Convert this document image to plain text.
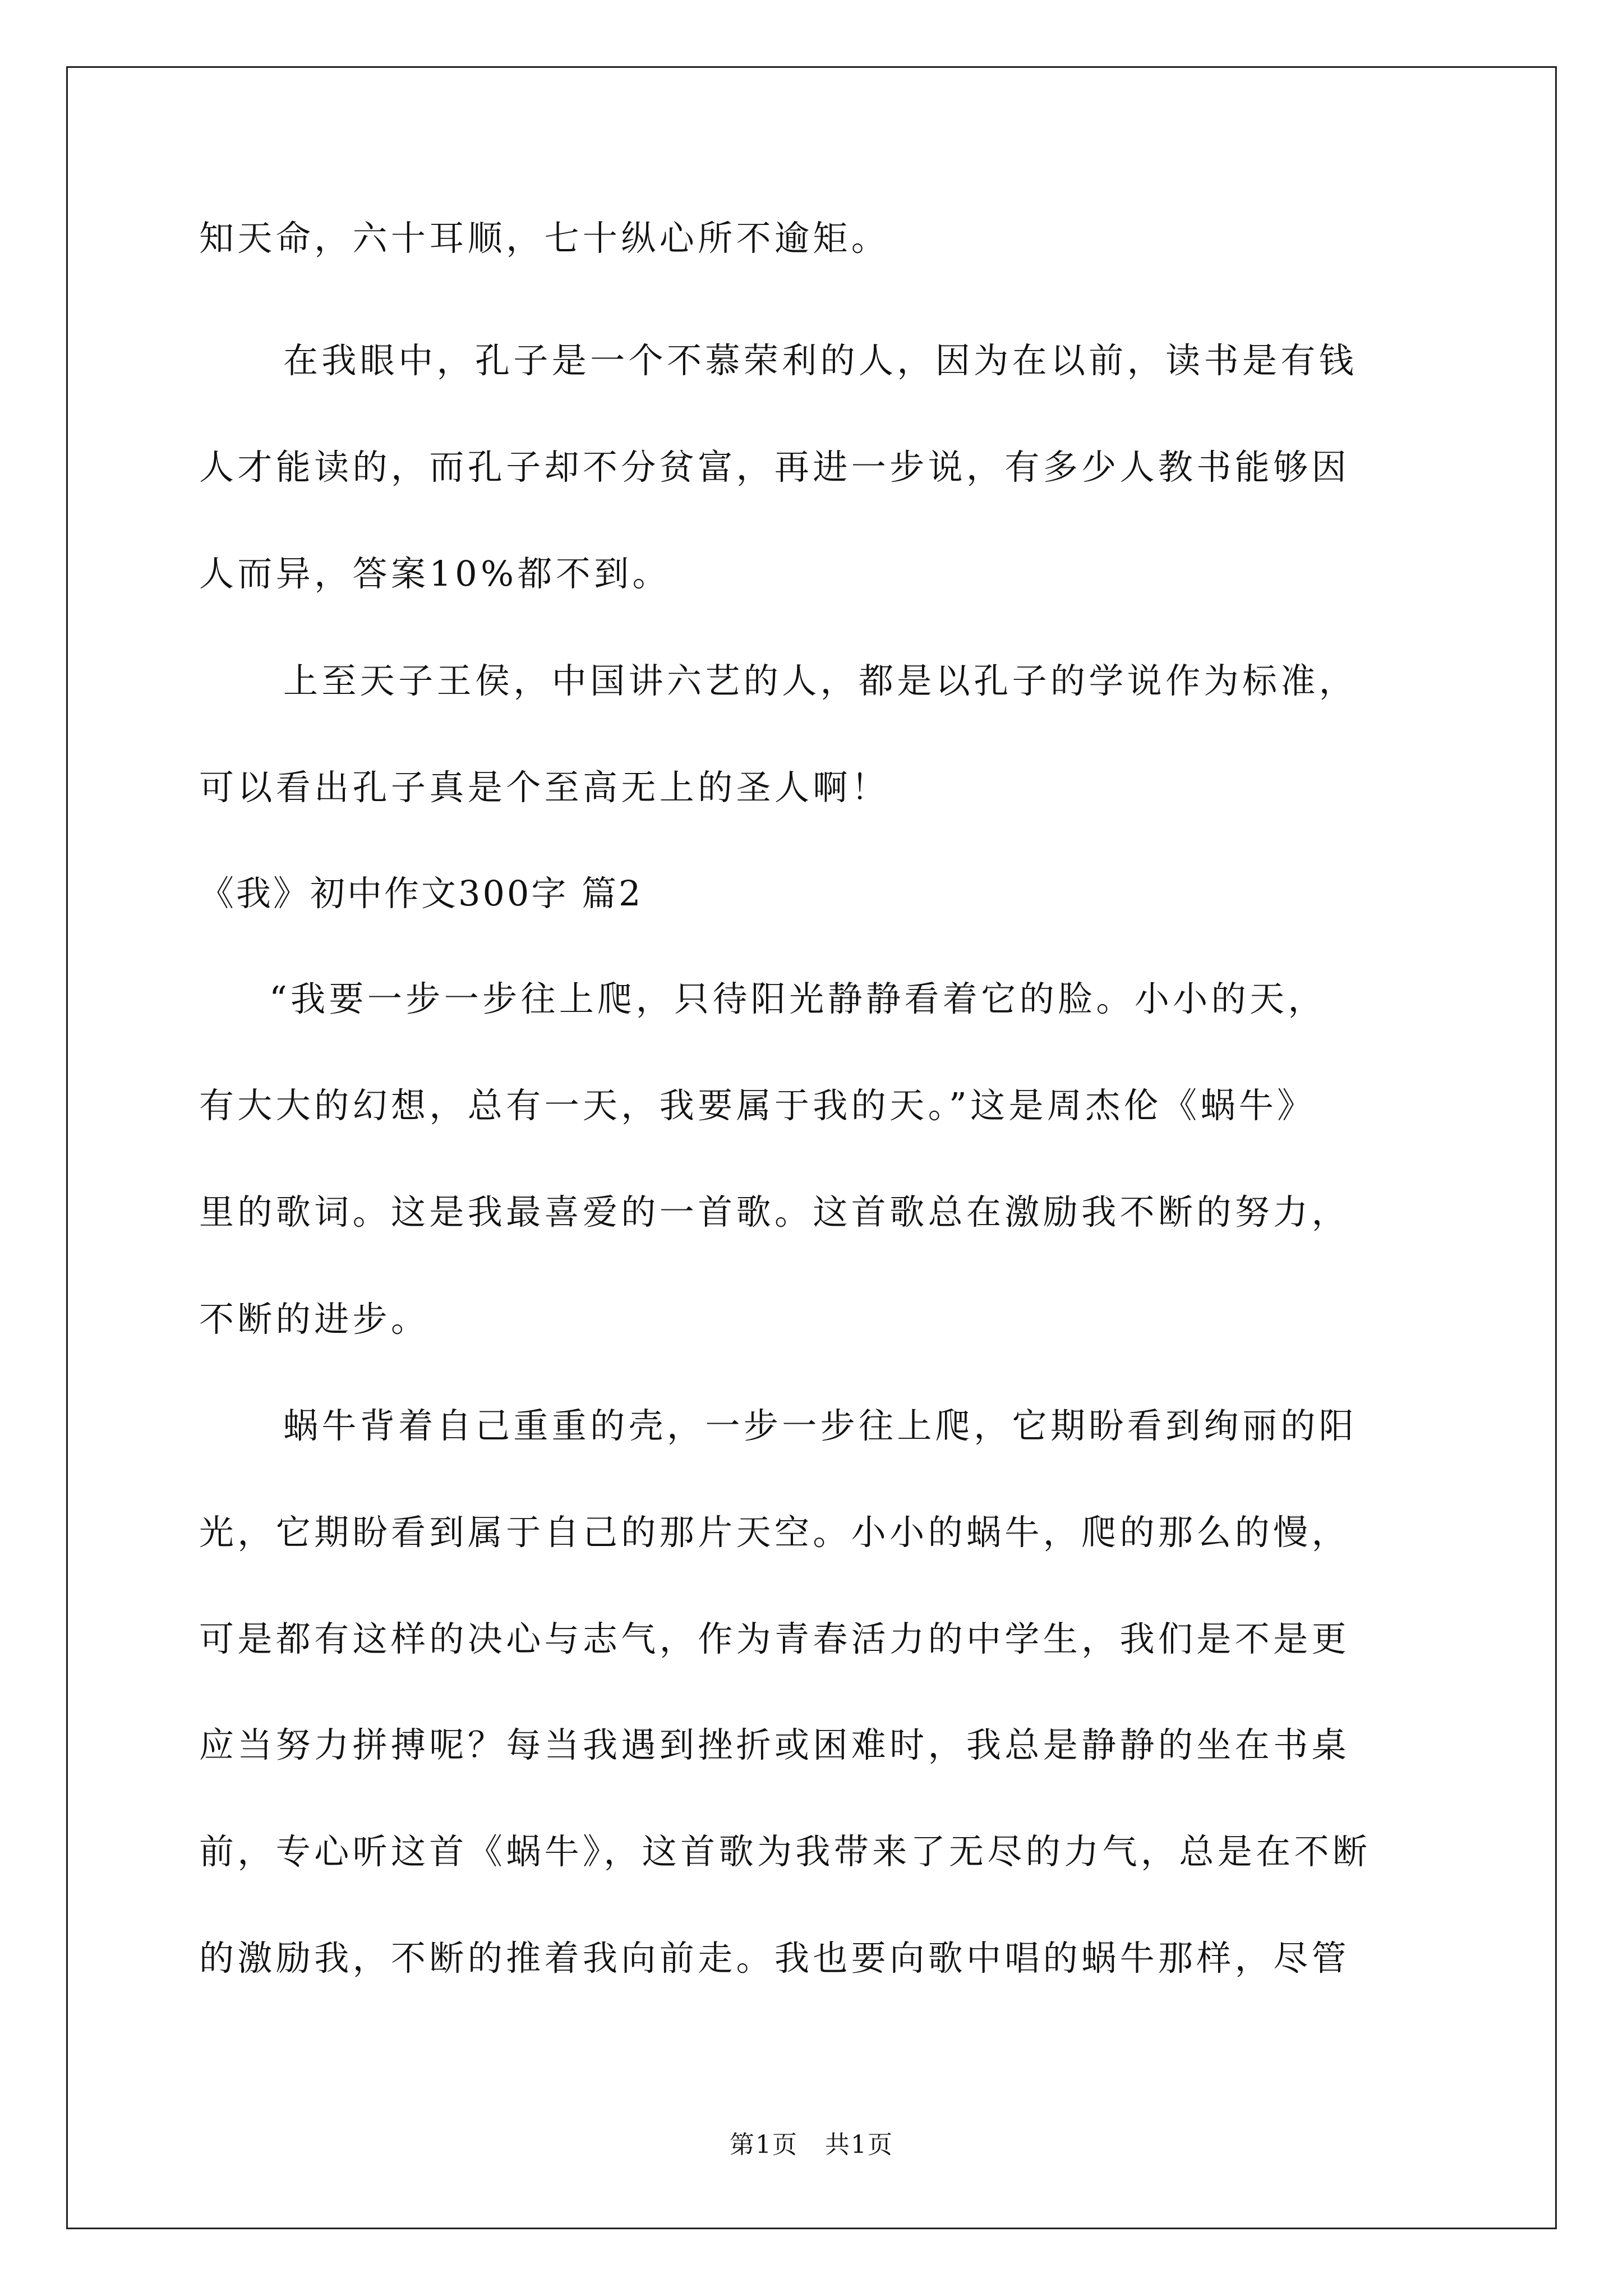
知天命，六十耳顺，七十纵心所不逾矩。
在我眼中，孔子是一个不慕荣利的人，因为在以前，读书是有钱
人才能读的，而孔子却不分贫富，再进一步说，有多少人教书能够因
人而异，答案10%都不到。
上至天子王侯，中国讲六艺的人，都是以孔子的学说作为标准，
可以看出孔子真是个至高无上的圣人啊！
《我》初中作文300字 篇2
“我要一步一步往上爬，只待阳光静静看着它的脸。小小的天，
有大大的幻想，总有一天，我要属于我的天。”这是周杰伦《蜗牛》
里的歌词。这是我最喜爱的一首歌。这首歌总在激励我不断的努力，
不断的进步。
蜗牛背着自己重重的壳，一步一步往上爬，它期盼看到绚丽的阳
光，它期盼看到属于自己的那片天空。小小的蜗牛，爬的那么的慢，
可是都有这样的决心与志气，作为青春活力的中学生，我们是不是更
应当努力拼搏呢？每当我遇到挫折或困难时，我总是静静的坐在书桌
前，专心听这首《蜗牛》，这首歌为我带来了无尽的力气，总是在不断
的激励我，不断的推着我向前走。我也要向歌中唱的蜗牛那样，尽管
第1页   共1页
